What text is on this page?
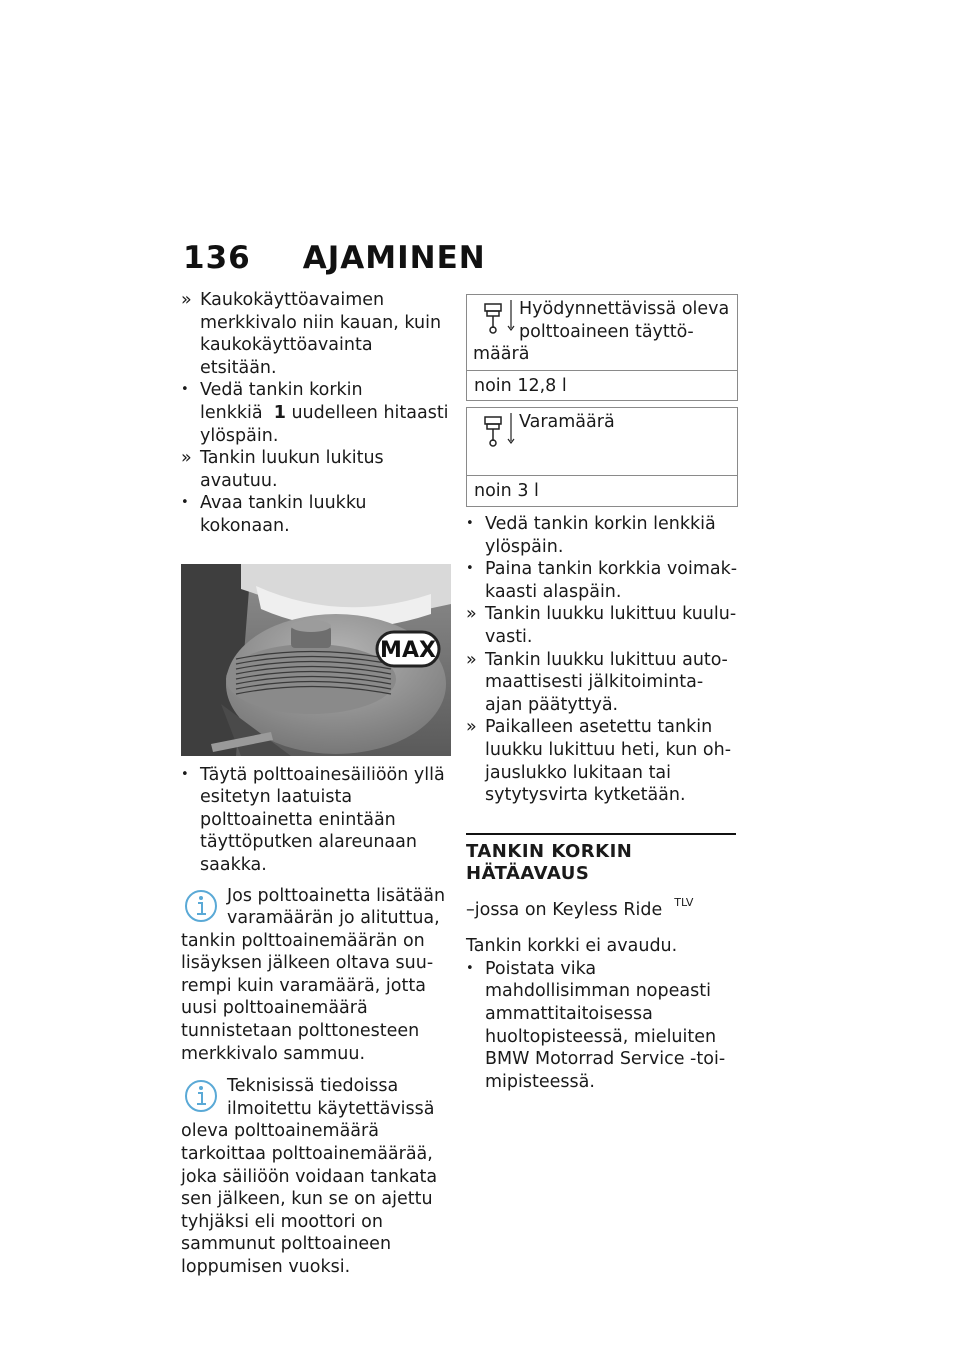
136 AJAMINEN
» Kaukokäyttöavaimen merkkivalo niin kauan, kuin kaukokäyttöavainta etsitään.
• Vedä tankin korkin lenkkiä 1 uudelleen hitaasti ylöspäin.
» Tankin luukun lukitus avautuu.
• Avaa tankin luukku kokonaan.
MAX
• Täytä polttoainesäiliöön yllä esitetyn laatuista polttoainetta enintään täyttöputken alareunaan saakka.
Jos polttoainetta lisätään varamäärän jo alituttua, tankin polttoainemäärän on lisäyksen jälkeen oltava suurempi kuin varamäärä, jotta uusi polttoainemäärä tunnistetaan polttonesteen merkkivalo sammuu.
Teknisissä tiedoissa ilmoitettu käytettävissä oleva polttoainemäärä tarkoittaa polttoainemäärää, joka säiliöön voidaan tankata sen jälkeen, kun se on ajettu tyhjäksi eli moottori on sammunut polttoaineen loppumisen vuoksi.
Hyödynnettävissä oleva polttoaineen täyttömäärä
noin 12,8 l
Varamäärä
noin 3 l
• Vedä tankin korkin lenkkiä ylöspäin.
• Paina tankin korkkia voimakkaasti alaspäin.
» Tankin luukku lukittuu kuuluvasti.
» Tankin luukku lukittuu automaattisesti jälkitoiminta-ajan päätyttyä.
» Paikalleen asetettu tankin luukku lukittuu heti, kun ohjauslukko lukitaan tai sytytysvirta kytketään.
TANKIN KORKIN HÄTÄAVAUS
–jossa on Keyless Ride $^{TLV}$
Tankin korkki ei avaudu.
• Poistata vika mahdollisimman nopeasti ammattitaitoisessa huoltopisteessä, mieluiten BMW Motorrad Service -toimipisteessä.
